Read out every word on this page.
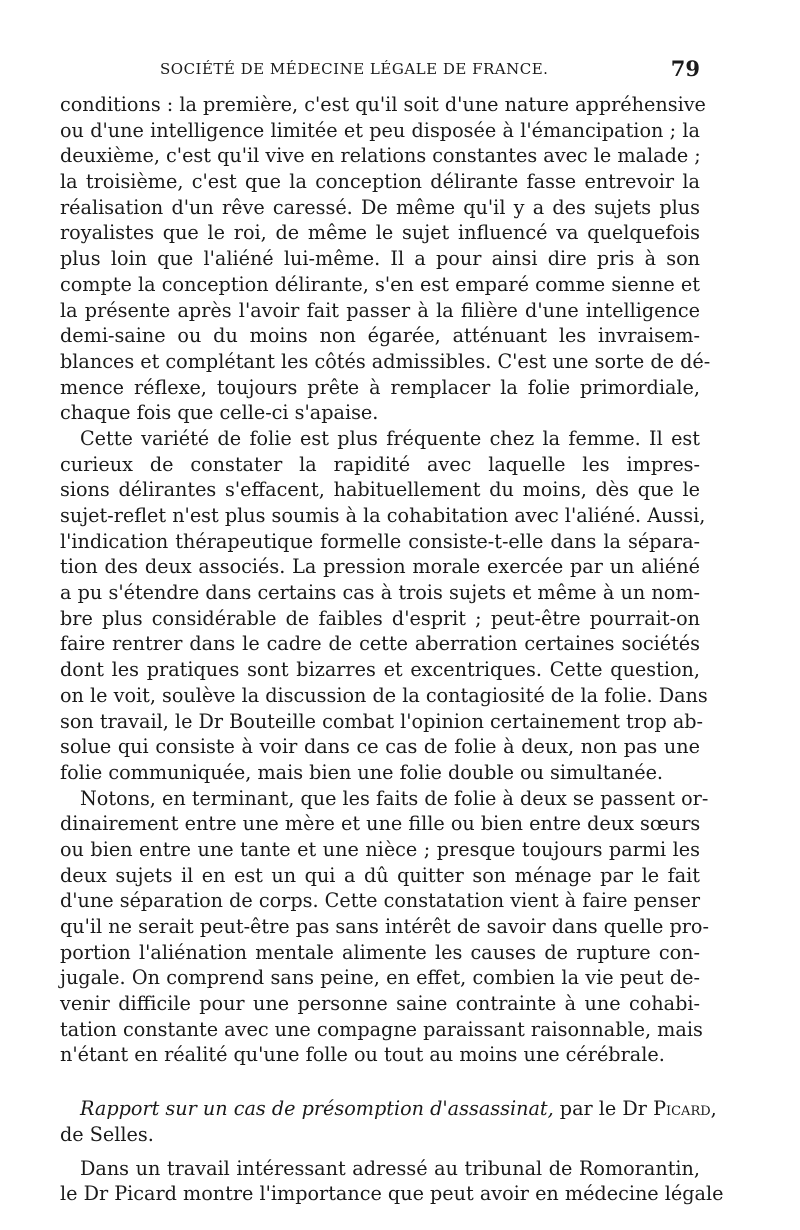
SOCIÉTÉ DE MÉDECINE LÉGALE DE FRANCE.	79
conditions : la première, c'est qu'il soit d'une nature appréhensive
ou d'une intelligence limitée et peu disposée à l'émancipation ; la
deuxième, c'est qu'il vive en relations constantes avec le malade ;
la troisième, c'est que la conception délirante fasse entrevoir la
réalisation d'un rêve caressé. De même qu'il y a des sujets plus
royalistes que le roi, de même le sujet influencé va quelquefois
plus loin que l'aliéné lui-même. Il a pour ainsi dire pris à son
compte la conception délirante, s'en est emparé comme sienne et
la présente après l'avoir fait passer à la filière d'une intelligence
demi-saine ou du moins non égarée, atténuant les invraisem-
blances et complétant les côtés admissibles. C'est une sorte de dé-
mence réflexe, toujours prête à remplacer la folie primordiale,
chaque fois que celle-ci s'apaise.
Cette variété de folie est plus fréquente chez la femme. Il est
curieux de constater la rapidité avec laquelle les impres-
sions délirantes s'effacent, habituellement du moins, dès que le
sujet-reflet n'est plus soumis à la cohabitation avec l'aliéné. Aussi,
l'indication thérapeutique formelle consiste-t-elle dans la sépara-
tion des deux associés. La pression morale exercée par un aliéné
a pu s'étendre dans certains cas à trois sujets et même à un nom-
bre plus considérable de faibles d'esprit ; peut-être pourrait-on
faire rentrer dans le cadre de cette aberration certaines sociétés
dont les pratiques sont bizarres et excentriques. Cette question,
on le voit, soulève la discussion de la contagiosité de la folie. Dans
son travail, le Dr Bouteille combat l'opinion certainement trop ab-
solue qui consiste à voir dans ce cas de folie à deux, non pas une
folie communiquée, mais bien une folie double ou simultanée.
Notons, en terminant, que les faits de folie à deux se passent or-
dinairement entre une mère et une fille ou bien entre deux sœurs
ou bien entre une tante et une nièce ; presque toujours parmi les
deux sujets il en est un qui a dû quitter son ménage par le fait
d'une séparation de corps. Cette constatation vient à faire penser
qu'il ne serait peut-être pas sans intérêt de savoir dans quelle pro-
portion l'aliénation mentale alimente les causes de rupture con-
jugale. On comprend sans peine, en effet, combien la vie peut de-
venir difficile pour une personne saine contrainte à une cohabi-
tation constante avec une compagne paraissant raisonnable, mais
n'étant en réalité qu'une folle ou tout au moins une cérébrale.
Rapport sur un cas de présomption d'assassinat, par le Dr Picard,
de Selles.
Dans un travail intéressant adressé au tribunal de Romorantin,
le Dr Picard montre l'importance que peut avoir en médecine légale
